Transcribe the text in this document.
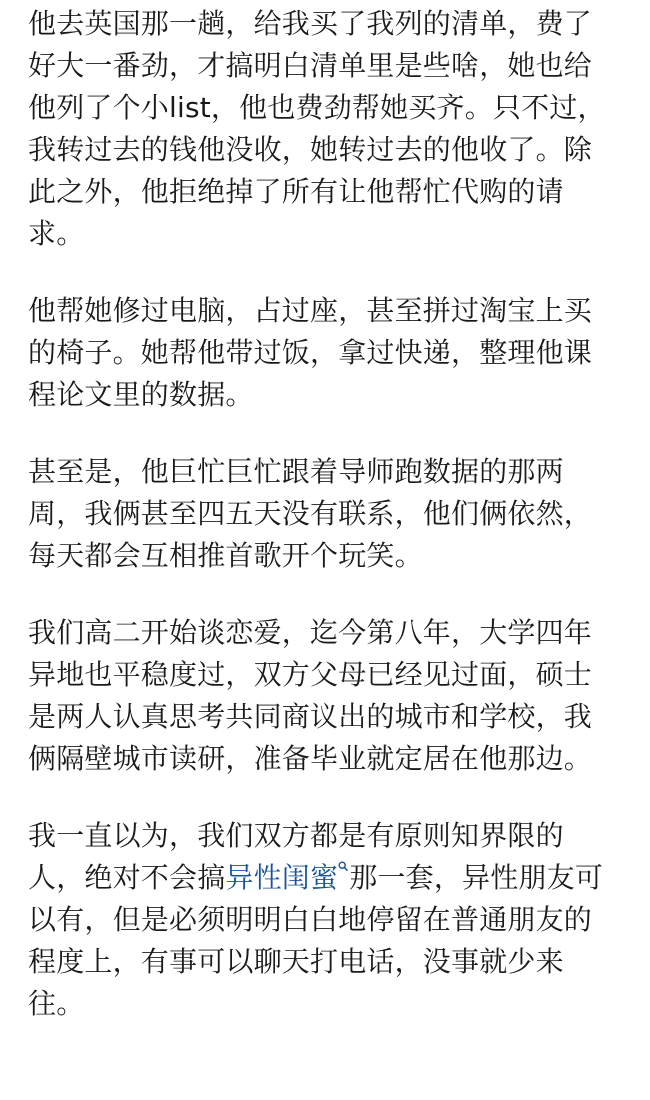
他去英国那一趟，给我买了我列的清单，费了
好大一番劲，才搞明白清单里是些啥，她也给
他列了个小list，他也费劲帮她买齐。只不过，
我转过去的钱他没收，她转过去的他收了。除
此之外，他拒绝掉了所有让他帮忙代购的请
求。
他帮她修过电脑，占过座，甚至拼过淘宝上买
的椅子。她帮他带过饭，拿过快递，整理他课
程论文里的数据。
甚至是，他巨忙巨忙跟着导师跑数据的那两
周，我俩甚至四五天没有联系，他们俩依然，
每天都会互相推首歌开个玩笑。
我们高二开始谈恋爱，迄今第八年，大学四年
异地也平稳度过，双方父母已经见过面，硕士
是两人认真思考共同商议出的城市和学校，我
俩隔壁城市读研，准备毕业就定居在他那边。
我一直以为，我们双方都是有原则知界限的
人，绝对不会搞异性闺蜜 那一套，异性朋友可
以有，但是必须明明白白地停留在普通朋友的
程度上，有事可以聊天打电话，没事就少来
往。
